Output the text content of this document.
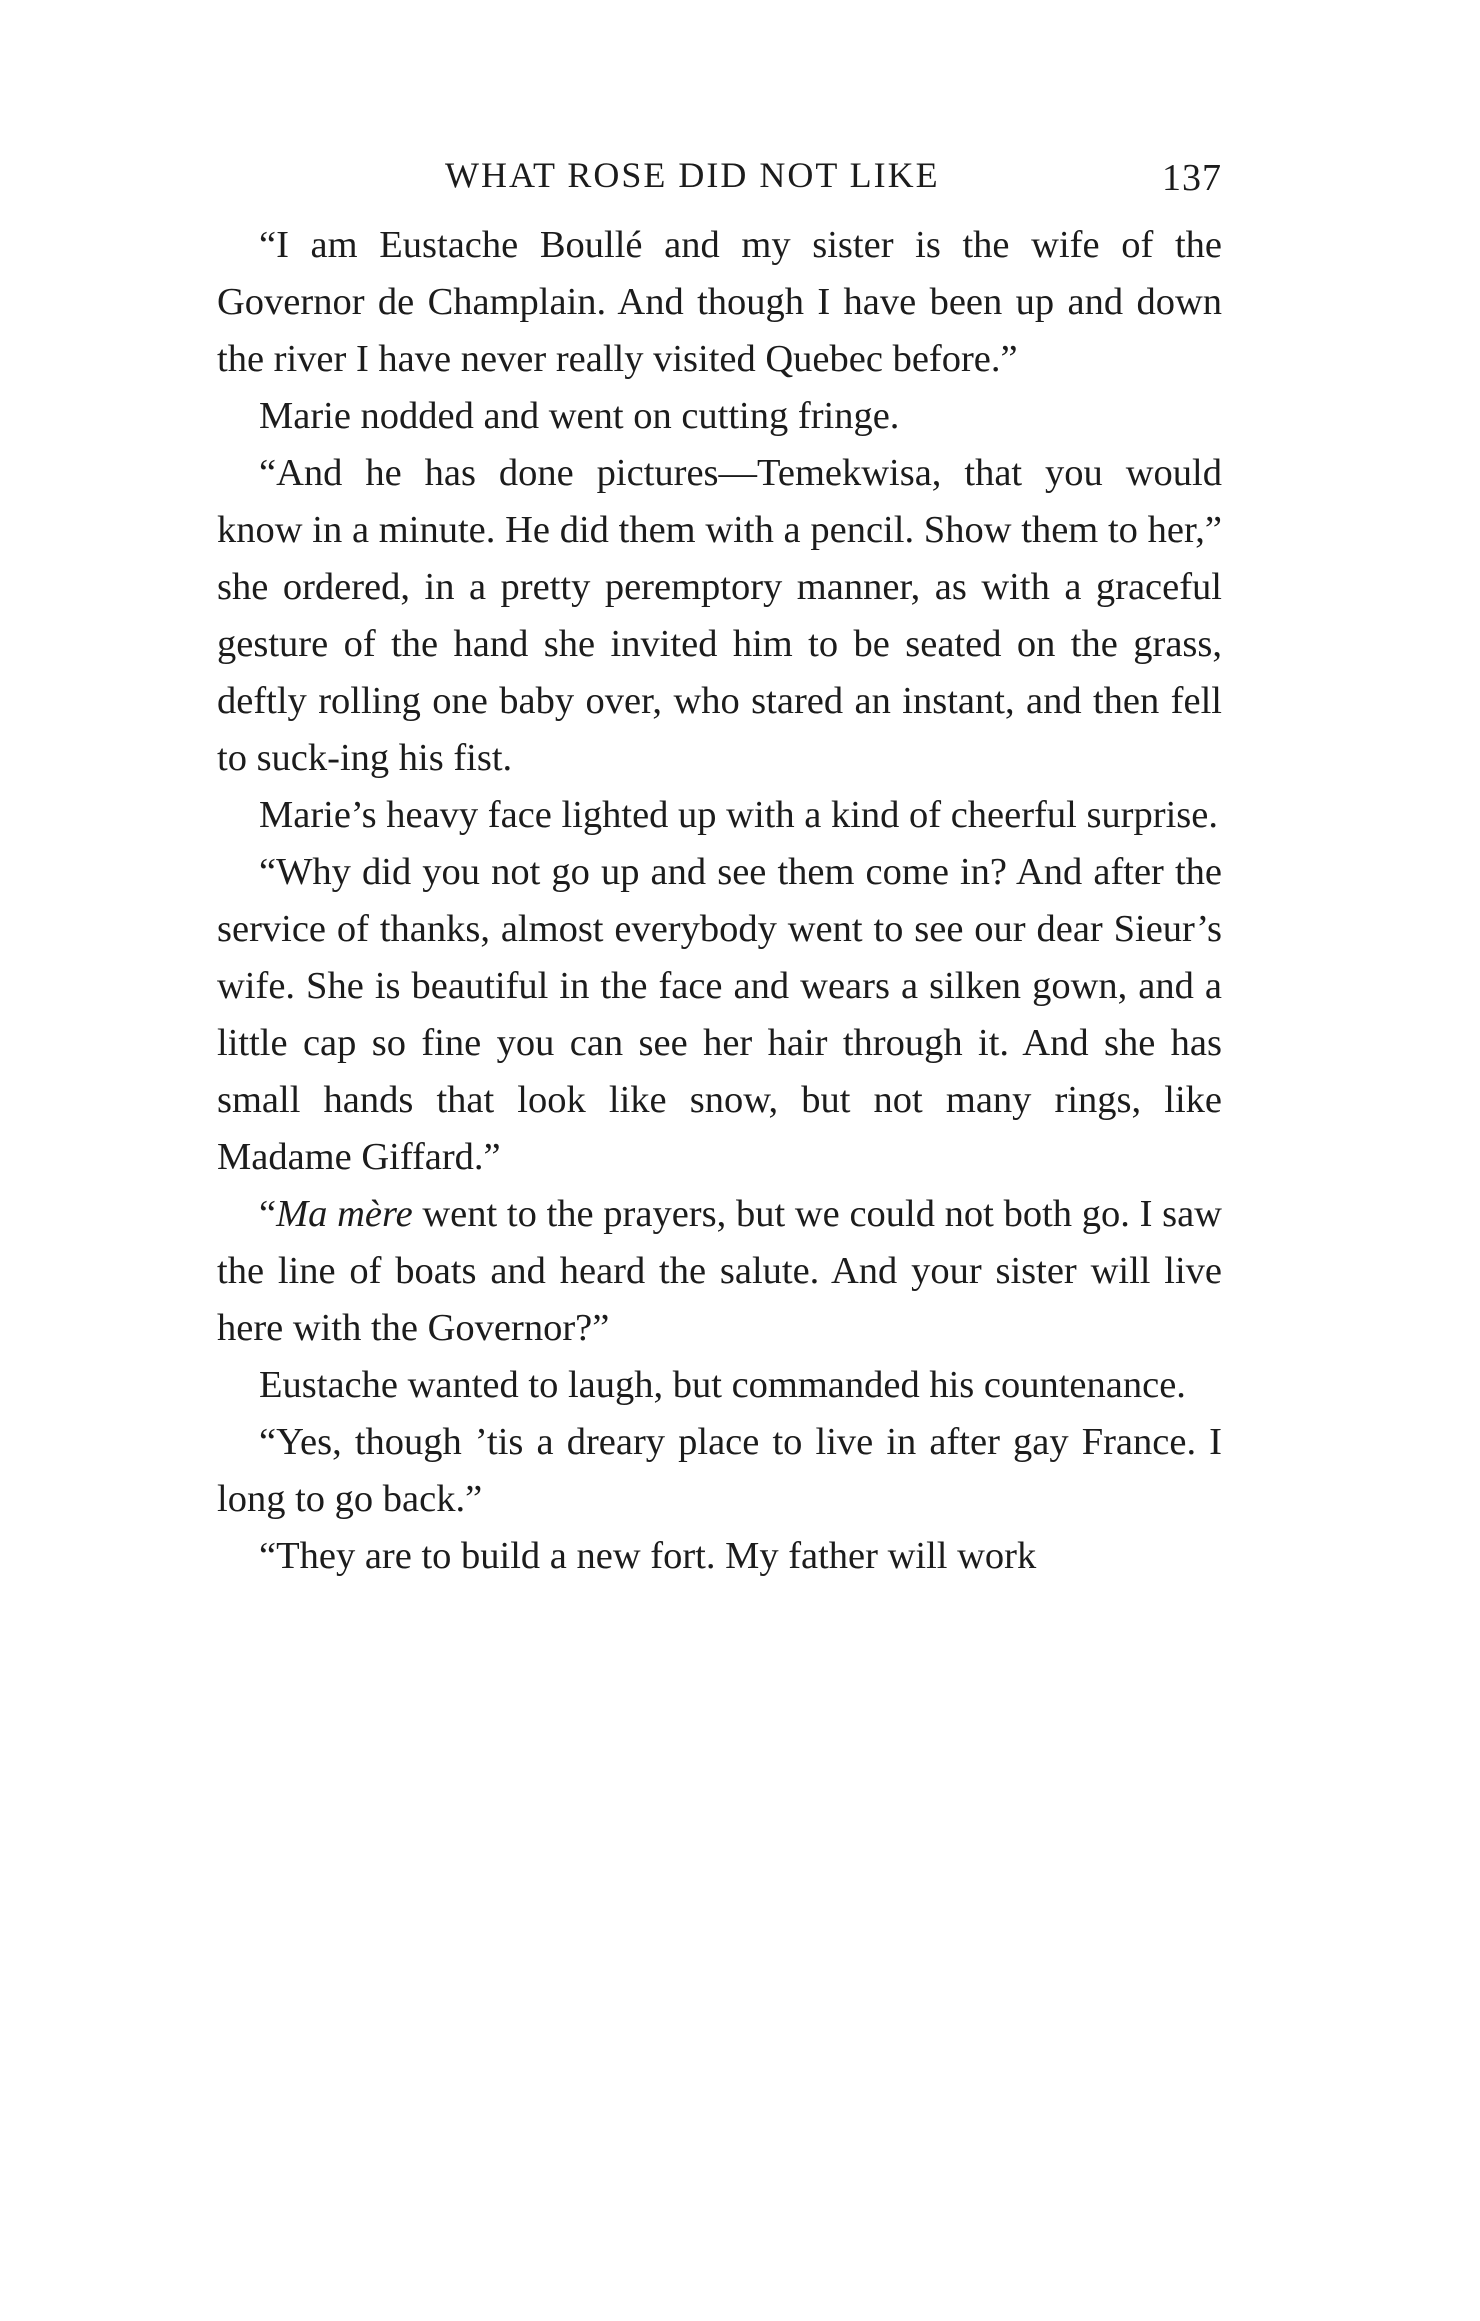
WHAT ROSE DID NOT LIKE	137

“I am Eustache Boullé and my sister is the wife of the Governor de Champlain. And though I have been up and down the river I have never really visited Quebec before.”

Marie nodded and went on cutting fringe.

“And he has done pictures—Temekwisa, that you would know in a minute. He did them with a pencil. Show them to her,” she ordered, in a pretty peremptory manner, as with a graceful gesture of the hand she invited him to be seated on the grass, deftly rolling one baby over, who stared an instant, and then fell to suck-ing his fist.

Marie’s heavy face lighted up with a kind of cheerful surprise.

“Why did you not go up and see them come in? And after the service of thanks, almost everybody went to see our dear Sieur’s wife. She is beautiful in the face and wears a silken gown, and a little cap so fine you can see her hair through it. And she has small hands that look like snow, but not many rings, like Madame Giffard.”

“Ma mère went to the prayers, but we could not both go. I saw the line of boats and heard the salute. And your sister will live here with the Governor?”

Eustache wanted to laugh, but commanded his countenance.

“Yes, though ’tis a dreary place to live in after gay France. I long to go back.”

“They are to build a new fort. My father will work
